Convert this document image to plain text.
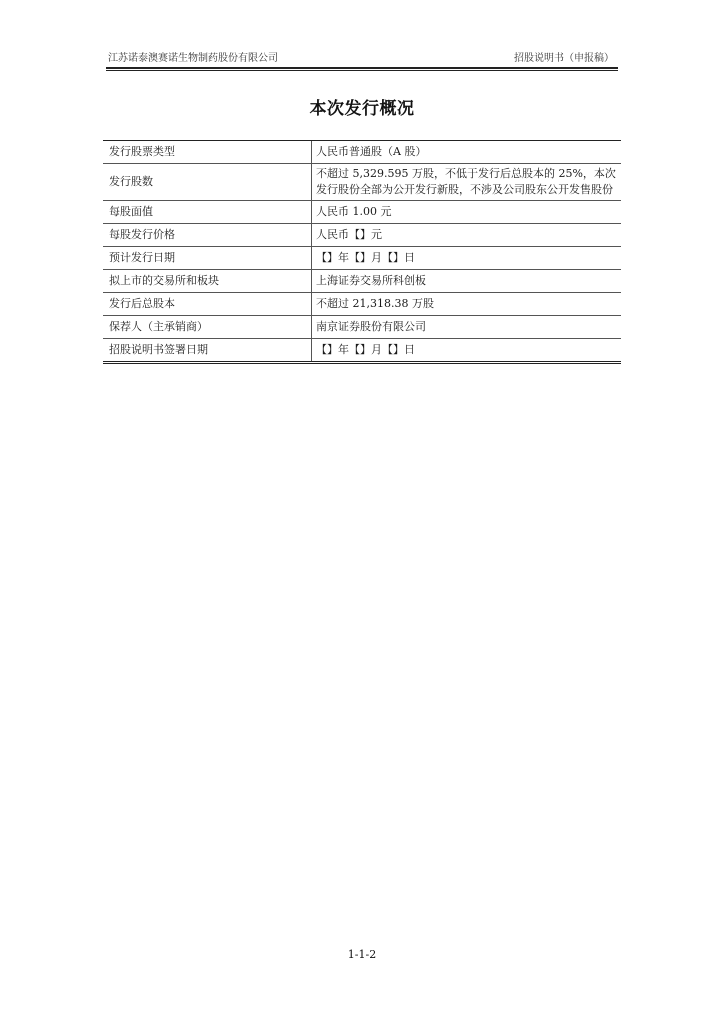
江苏诺泰澳赛诺生物制药股份有限公司	招股说明书（申报稿）
本次发行概况
发行股票类型	人民币普通股（A 股）
发行股数	不超过 5,329.595 万股，不低于发行后总股本的 25%，本次发行股份全部为公开发行新股，不涉及公司股东公开发售股份
每股面值	人民币 1.00 元
每股发行价格	人民币【】元
预计发行日期	【】年【】月【】日
拟上市的交易所和板块	上海证券交易所科创板
发行后总股本	不超过 21,318.38 万股
保荐人（主承销商）	南京证券股份有限公司
招股说明书签署日期	【】年【】月【】日
1-1-2
